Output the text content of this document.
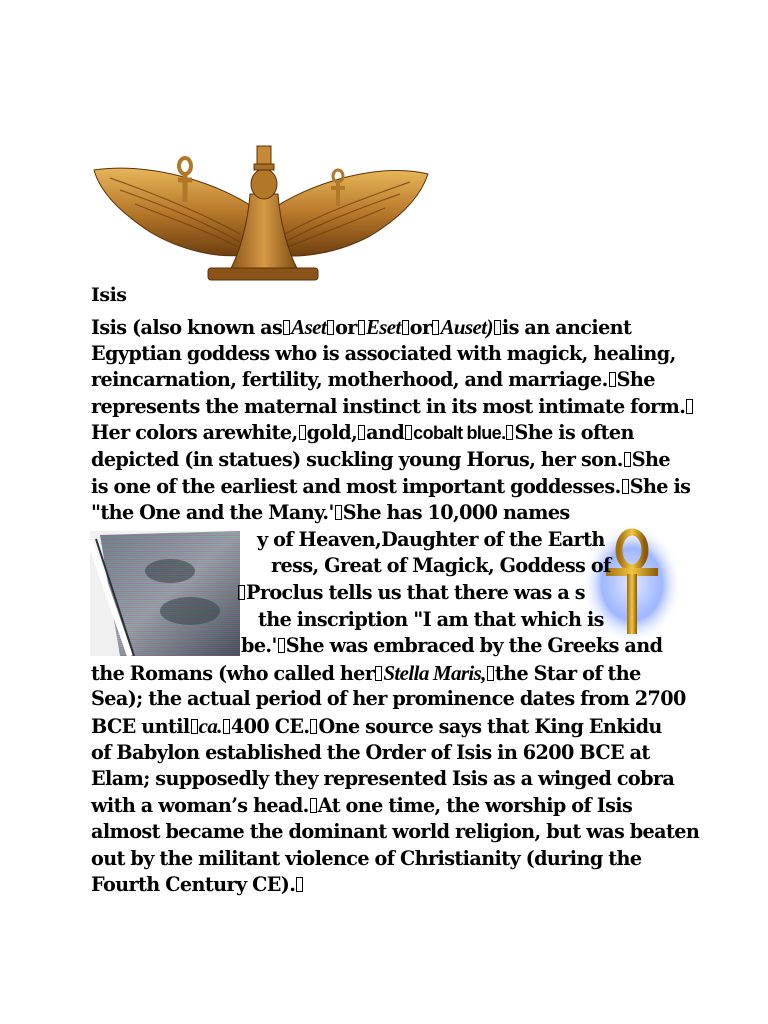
Isis
Isis (also known as Aset or Eset or Auset) is an ancient
Egyptian goddess who is associated with magick, healing,
reincarnation, fertility, motherhood, and marriage. She
represents the maternal instinct in its most intimate form.
Her colors arewhite, gold, and cobalt blue. She is often
depicted (in statues) suckling young Horus, her son. She
is one of the earliest and most important goddesses. She is
"the One and the Many.' She has 10,000 names
y of Heaven,Daughter of the Earth
ress, Great of Magick, Goddess of
Proclus tells us that there was a s
the inscription "I am that which is
be.' She was embraced by the Greeks and
the Romans (who called her Stella Maris, the Star of the
Sea); the actual period of her prominence dates from 2700
BCE until ca. 400 CE. One source says that King Enkidu
of Babylon established the Order of Isis in 6200 BCE at
Elam; supposedly they represented Isis as a winged cobra
with a woman’s head. At one time, the worship of Isis
almost became the dominant world religion, but was beaten
out by the militant violence of Christianity (during the
Fourth Century CE).
